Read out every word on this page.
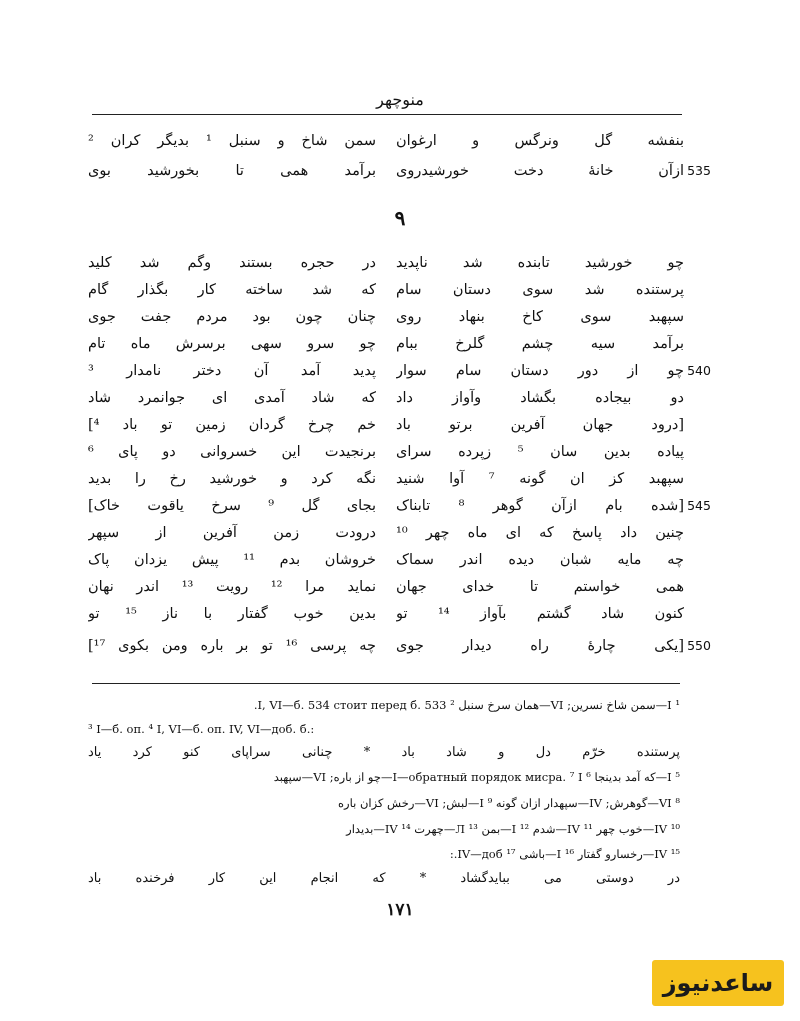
منوچهر
بنفشه گل ونرگس و ارغوان
سمن شاخ و سنبل ¹ بدیگر کران ²
ازآن خانهٔ دخت خورشیدروی
برآمد همی تا بخورشید بوی	535
۹
چو خورشید تابنده شد ناپدید
در حجره بستند وگم شد کلید
پرستنده شد سوی دستان سام
که شد ساخته کار بگذار گام
سپهبد سوی کاخ بنهاد روی
چنان چون بود مردم جفت جوی
برآمد سیه چشم گلرخ ببام
چو سرو سهی برسرش ماه تام
چو از دور دستان سام سوار
پدید آمد آن دختر نامدار ³	540
دو بیجاده بگشاد وآواز داد
که شاد آمدی ای جوانمرد شاد
[درود جهان آفرین برتو باد
خم چرخ گردان زمین تو باد ⁴]
پیاده بدین سان ⁵ زپرده سرای
برنجیدت این خسروانی دو پای ⁶
سپهبد کز ان گونه ⁷ آوا شنید
نگه کرد و خورشید رخ را بدید
[شده بام ازآن گوهر ⁸ تابناک
بجای گل ⁹ سرخ یاقوت خاک]	545
چنین داد پاسخ که ای ماه چهر ¹⁰
درودت زمن آفرین از سپهر
چه مایه شبان دیده اندر سماک
خروشان بدم ¹¹ پیش یزدان پاک
همی خواستم تا خدای جهان
نماید مرا ¹² رویت ¹³ اندر نهان
کنون شاد گشتم بآواز ¹⁴ تو
بدین خوب گفتار با ناز ¹⁵ تو
[یکی چارهٔ راه دیدار جوی
چه پرسی ¹⁶ تو بر باره ومن بکوی ¹⁷]	550
¹ I—سمن شاخ نسرین; VI—همان سرخ سنبل ² I, VI—б. 534 стоит перед б. 533.
³ I—б. оп. ⁴ I, VI—б. оп. IV, VI—доб. б.:
پرستنده خرّم دل و شاد باد * چنانی سراپای کنو کرد یاد
⁵ I—که آمد بدینجا ⁶ I—обратный порядок мисра. ⁷ I—چو از باره; VI—سپهبد
⁸ VI—گوهرش; IV—سپهدار ازان گونه ⁹ I—لبش; VI—رخش کزان باره
¹⁰ IV—خوب چهر ¹¹ IV—شدم ¹² I—بمن ¹³ Л—چهرت ¹⁴ IV—بدیدار
¹⁵ IV—رخسارو گفتار ¹⁶ I—باشی ¹⁷ IV—доб.:
در دوستی می ببایدگشاد * که انجام این کار فرخنده باد
۱۷۱
ساعدنیوز
